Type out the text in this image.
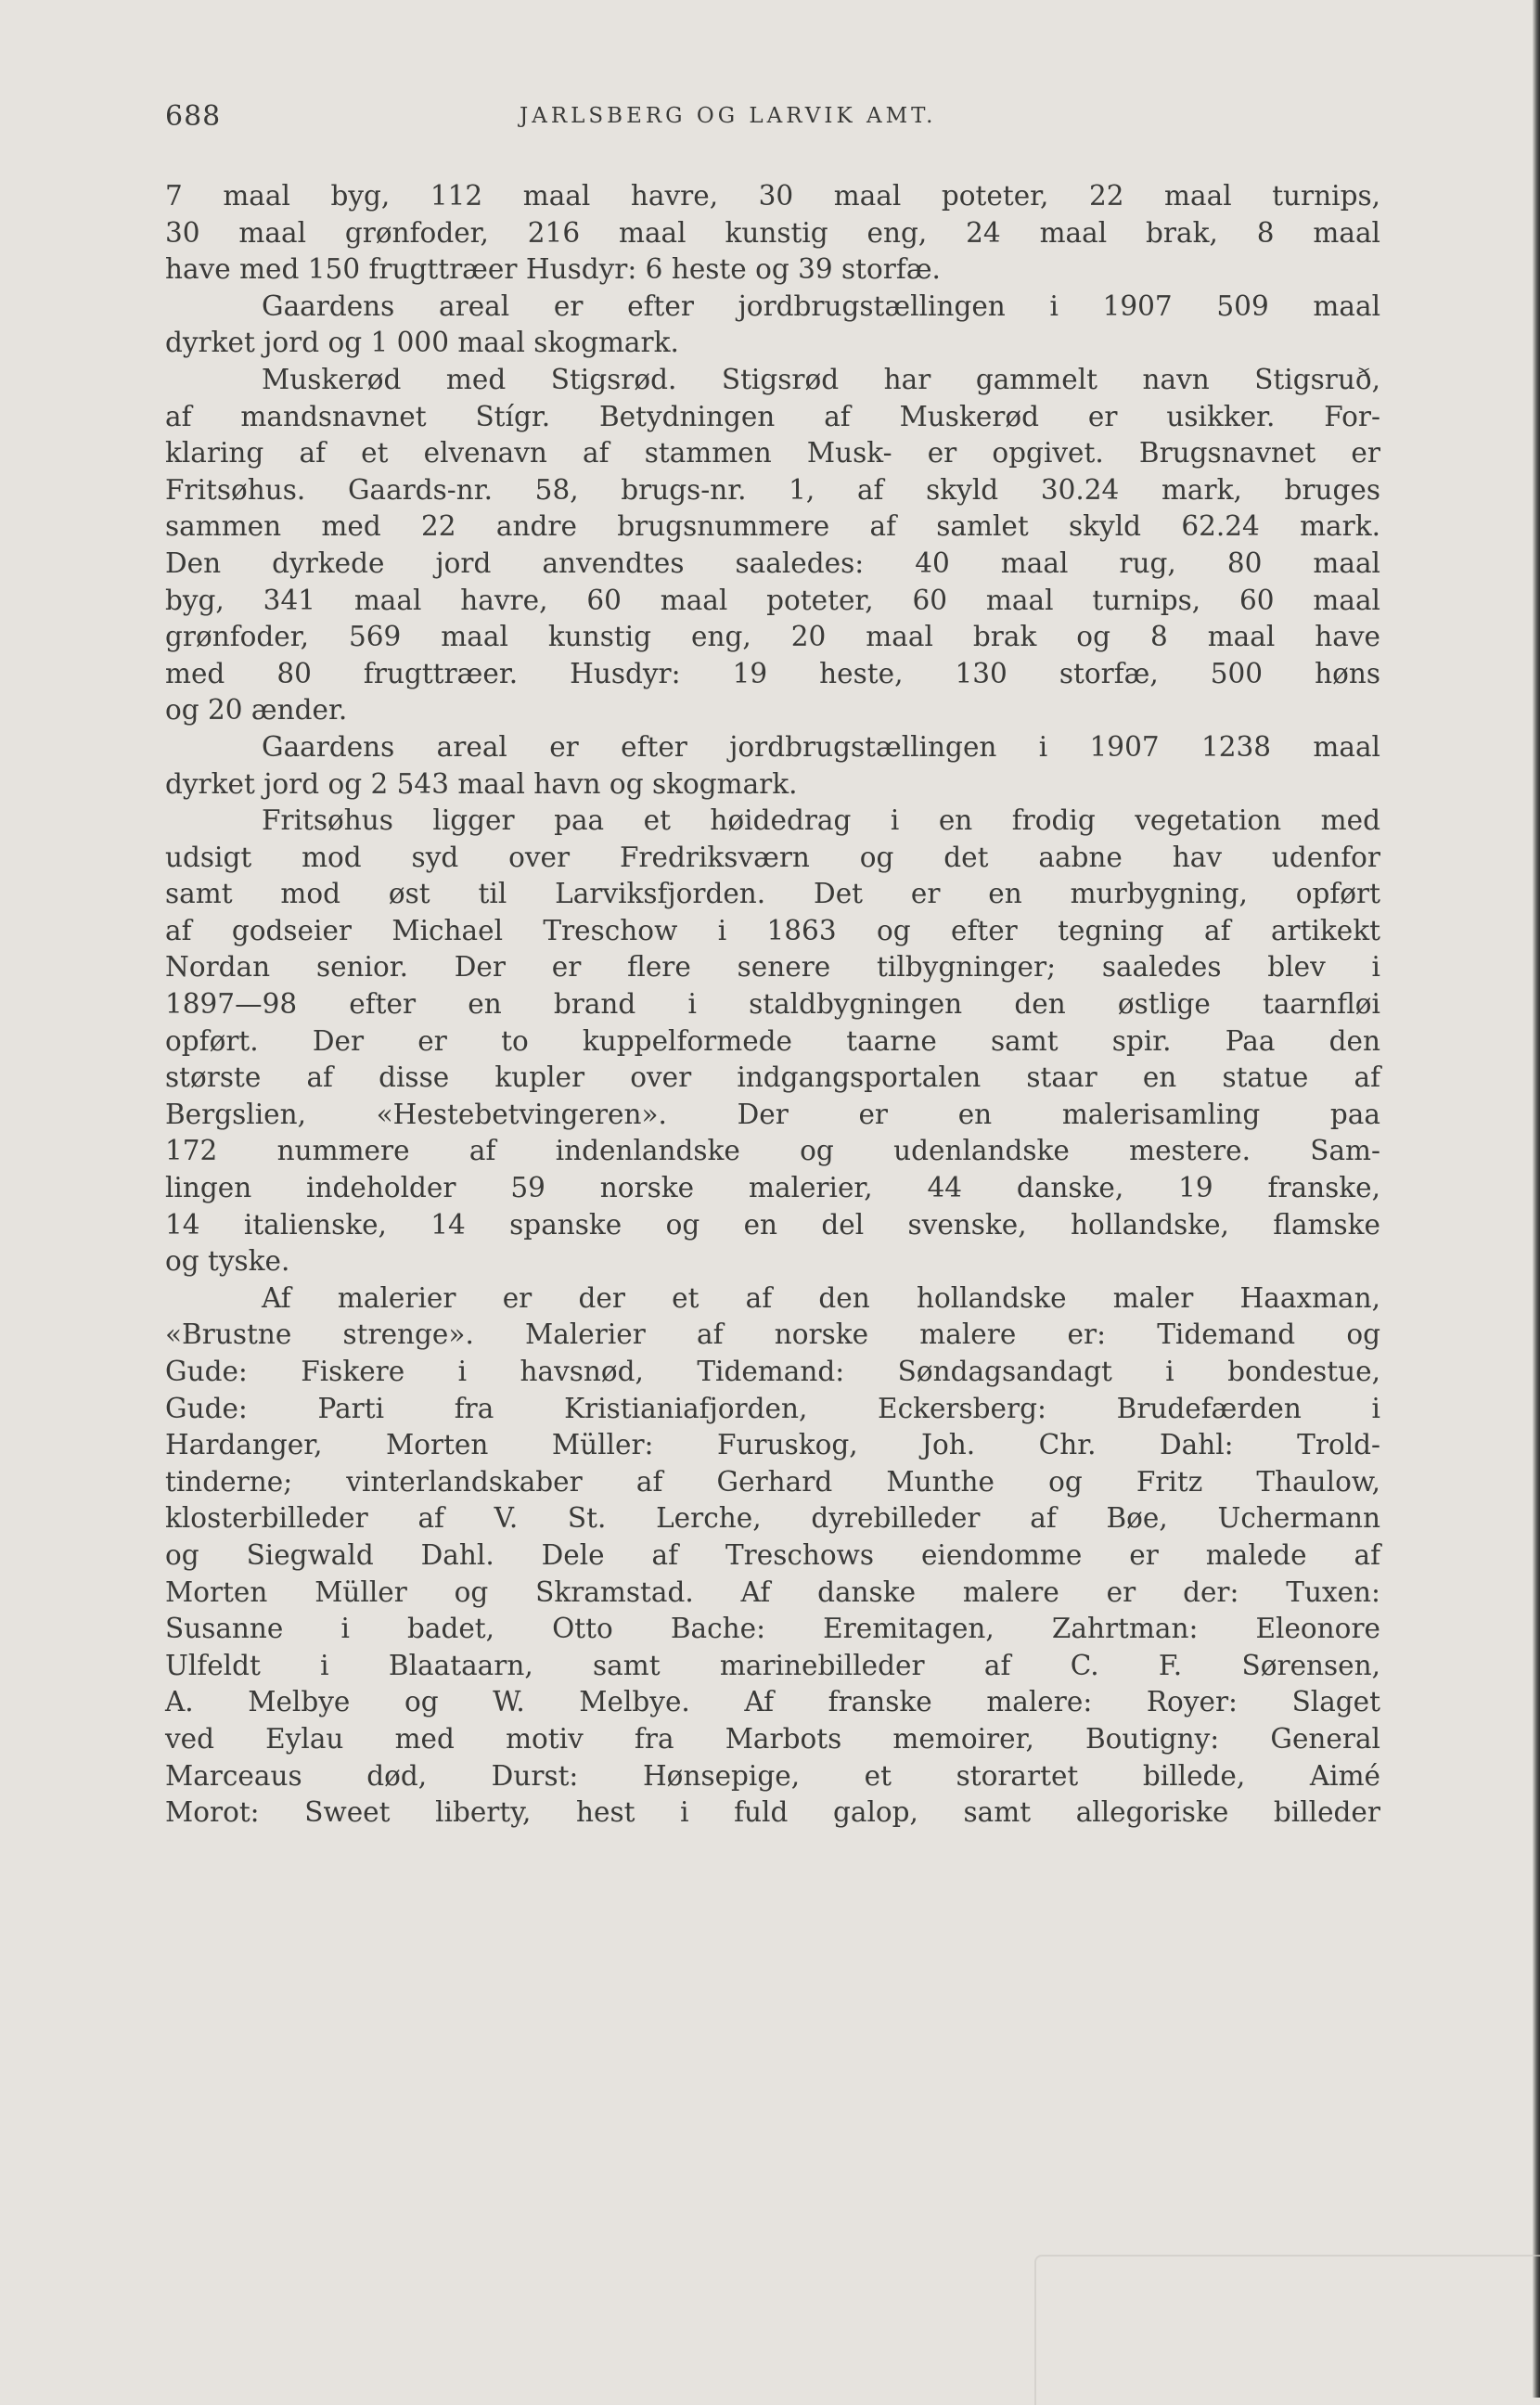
688	JARLSBERG OG LARVIK AMT.
7 maal byg, 112 maal havre, 30 maal poteter, 22 maal turnips,
30 maal grønfoder, 216 maal kunstig eng, 24 maal brak, 8 maal
have med 150 frugttræer Husdyr: 6 heste og 39 storfæ.
Gaardens areal er efter jordbrugstællingen i 1907 509 maal
dyrket jord og 1 000 maal skogmark.
Muskerød med Stigsrød. Stigsrød har gammelt navn Stigsruð,
af mandsnavnet Stígr. Betydningen af Muskerød er usikker. For-
klaring af et elvenavn af stammen Musk- er opgivet. Brugsnavnet er
Fritsøhus. Gaards-nr. 58, brugs-nr. 1, af skyld 30.24 mark, bruges
sammen med 22 andre brugsnummere af samlet skyld 62.24 mark.
Den dyrkede jord anvendtes saaledes: 40 maal rug, 80 maal
byg, 341 maal havre, 60 maal poteter, 60 maal turnips, 60 maal
grønfoder, 569 maal kunstig eng, 20 maal brak og 8 maal have
med 80 frugttræer. Husdyr: 19 heste, 130 storfæ, 500 høns
og 20 ænder.
Gaardens areal er efter jordbrugstællingen i 1907 1238 maal
dyrket jord og 2 543 maal havn og skogmark.
Fritsøhus ligger paa et høidedrag i en frodig vegetation med
udsigt mod syd over Fredriksværn og det aabne hav udenfor
samt mod øst til Larviksfjorden. Det er en murbygning, opført
af godseier Michael Treschow i 1863 og efter tegning af artikekt
Nordan senior. Der er flere senere tilbygninger; saaledes blev i
1897—98 efter en brand i staldbygningen den østlige taarnfløi
opført. Der er to kuppelformede taarne samt spir. Paa den
største af disse kupler over indgangsportalen staar en statue af
Bergslien, «Hestebetvingeren». Der er en malerisamling paa
172 nummere af indenlandske og udenlandske mestere. Sam-
lingen indeholder 59 norske malerier, 44 danske, 19 franske,
14 italienske, 14 spanske og en del svenske, hollandske, flamske
og tyske.
Af malerier er der et af den hollandske maler Haaxman,
«Brustne strenge». Malerier af norske malere er: Tidemand og
Gude: Fiskere i havsnød, Tidemand: Søndagsandagt i bondestue,
Gude: Parti fra Kristianiafjorden, Eckersberg: Brudefærden i
Hardanger, Morten Müller: Furuskog, Joh. Chr. Dahl: Trold-
tinderne; vinterlandskaber af Gerhard Munthe og Fritz Thaulow,
klosterbilleder af V. St. Lerche, dyrebilleder af Bøe, Uchermann
og Siegwald Dahl. Dele af Treschows eiendomme er malede af
Morten Müller og Skramstad. Af danske malere er der: Tuxen:
Susanne i badet, Otto Bache: Eremitagen, Zahrtman: Eleonore
Ulfeldt i Blaataarn, samt marinebilleder af C. F. Sørensen,
A. Melbye og W. Melbye. Af franske malere: Royer: Slaget
ved Eylau med motiv fra Marbots memoirer, Boutigny: General
Marceaus død, Durst: Hønsepige, et storartet billede, Aimé
Morot: Sweet liberty, hest i fuld galop, samt allegoriske billeder
